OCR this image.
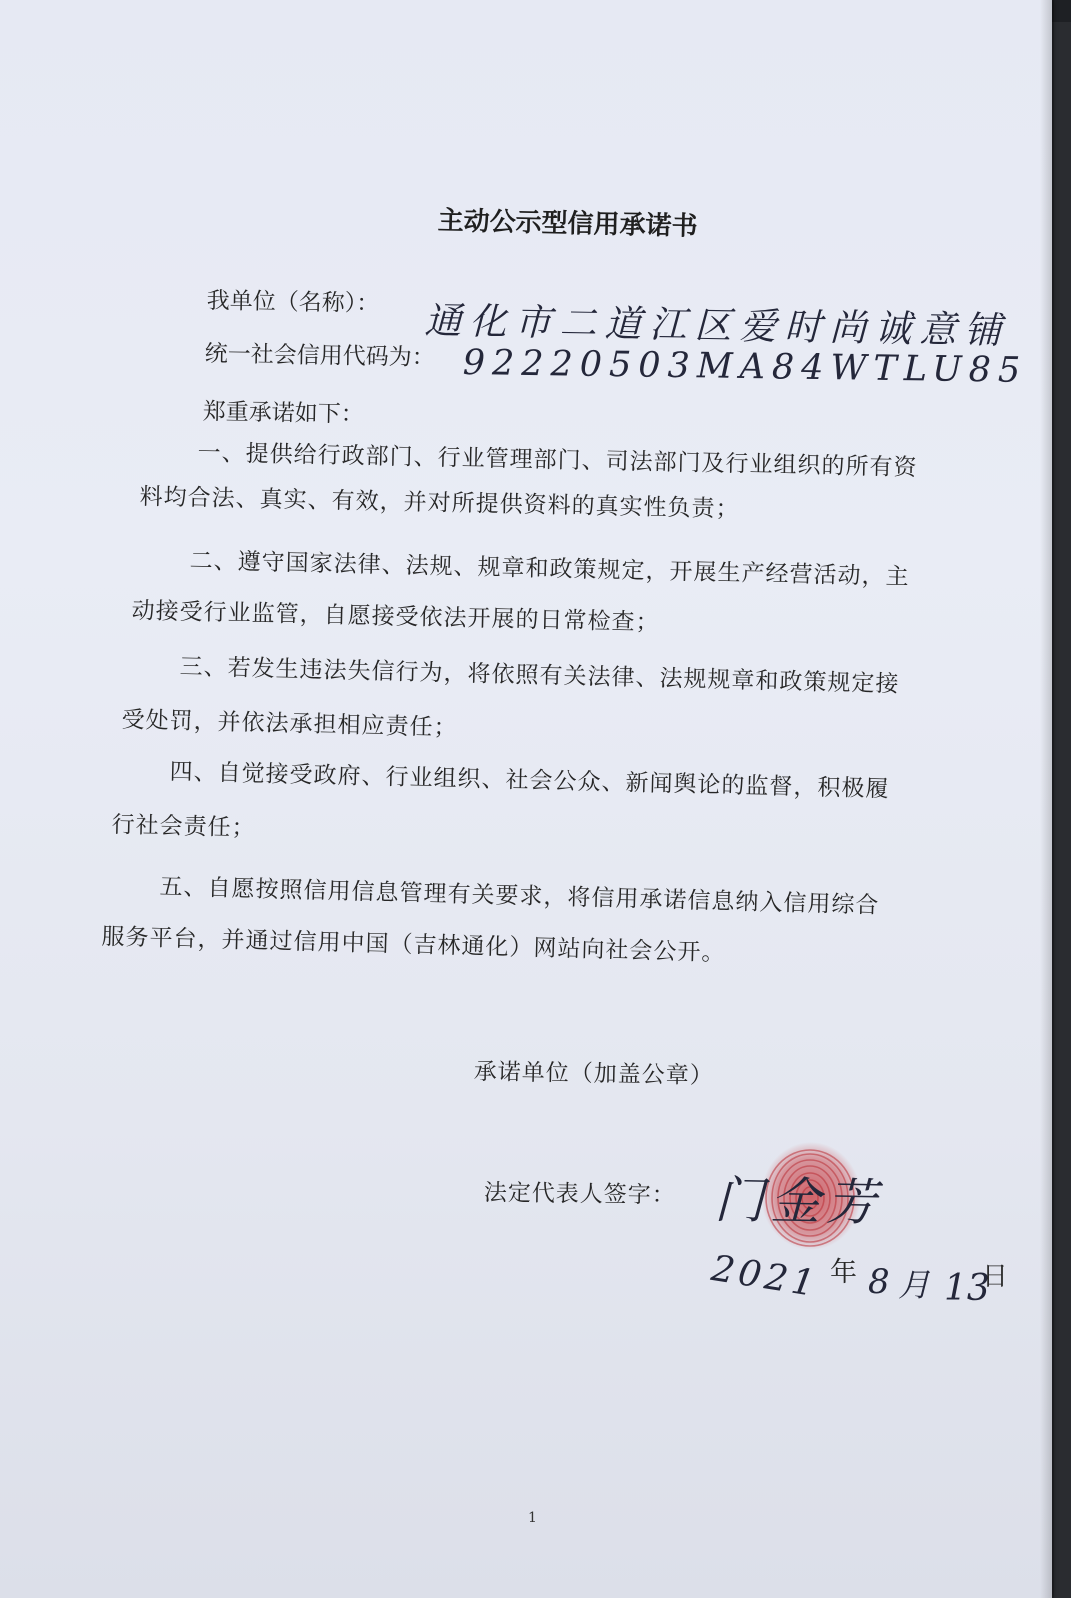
主动公示型信用承诺书

我单位（名称）： 通化市二道江区爱时尚诚意铺

统一社会信用代码为： 92220503MA84WTLU85

郑重承诺如下：

一、提供给行政部门、行业管理部门、司法部门及行业组织的所有资

料均合法、真实、有效，并对所提供资料的真实性负责；

二、遵守国家法律、法规、规章和政策规定，开展生产经营活动，主

动接受行业监管，自愿接受依法开展的日常检查；

三、若发生违法失信行为，将依照有关法律、法规规章和政策规定接

受处罚，并依法承担相应责任；

四、自觉接受政府、行业组织、社会公众、新闻舆论的监督，积极履

行社会责任；

五、自愿按照信用信息管理有关要求，将信用承诺信息纳入信用综合

服务平台，并通过信用中国（吉林通化）网站向社会公开。

承诺单位（加盖公章）

法定代表人签字： 门金芳

2021 年 8 月 13

日

1
